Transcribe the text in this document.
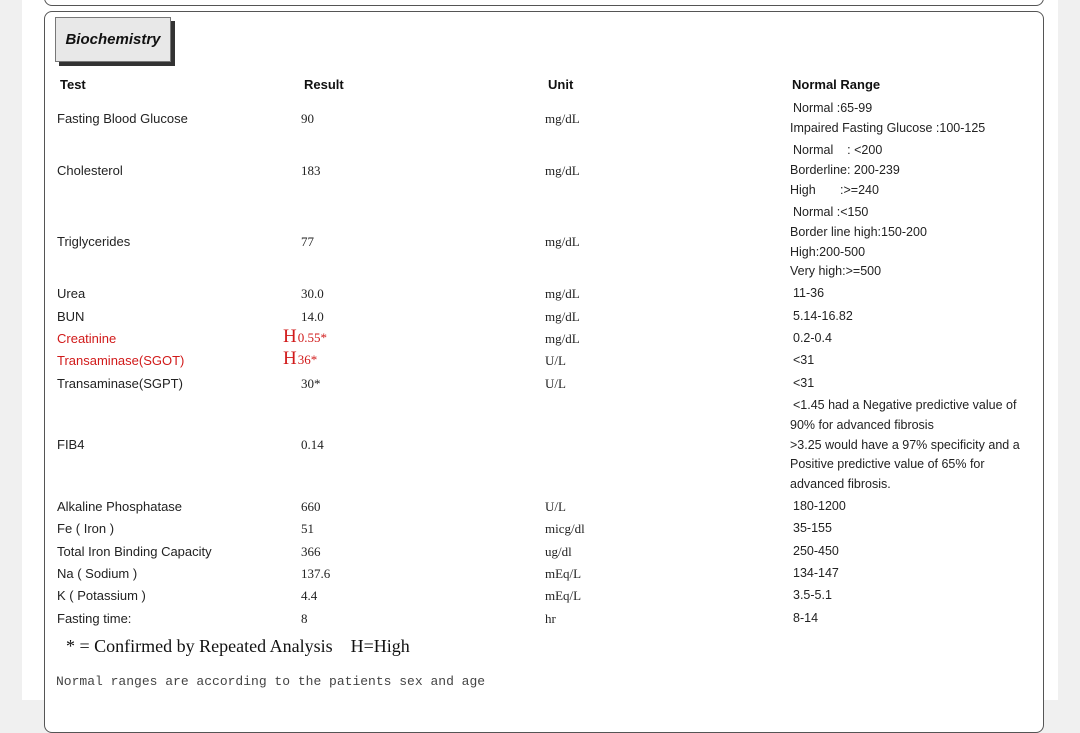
Biochemistry
Test	Result	Unit	Normal Range
Fasting Blood Glucose	90	mg/dL
Normal :65-99
Impaired Fasting Glucose :100-125
Cholesterol	183	mg/dL
Normal    : <200
Borderline: 200-239
High       :>=240
Triglycerides	77	mg/dL
Normal :<150
Border line high:150-200
High:200-500
Very high:>=500
Urea	30.0	mg/dL	11-36
BUN	14.0	mg/dL	5.14-16.82
Creatinine	H0.55*	mg/dL	0.2-0.4
Transaminase(SGOT)	H36*	U/L	<31
Transaminase(SGPT)	30*	U/L	<31
FIB4	0.14
<1.45 had a Negative predictive value of
90% for advanced fibrosis
>3.25 would have a 97% specificity and a
Positive predictive value of 65% for
advanced fibrosis.
Alkaline Phosphatase	660	U/L	180-1200
Fe ( Iron )	51	micg/dl	35-155
Total Iron Binding Capacity	366	ug/dl	250-450
Na ( Sodium )	137.6	mEq/L	134-147
K ( Potassium )	4.4	mEq/L	3.5-5.1
Fasting time:	8	hr	8-14
* = Confirmed by Repeated Analysis    H=High
Normal ranges are according to the patients sex and age
